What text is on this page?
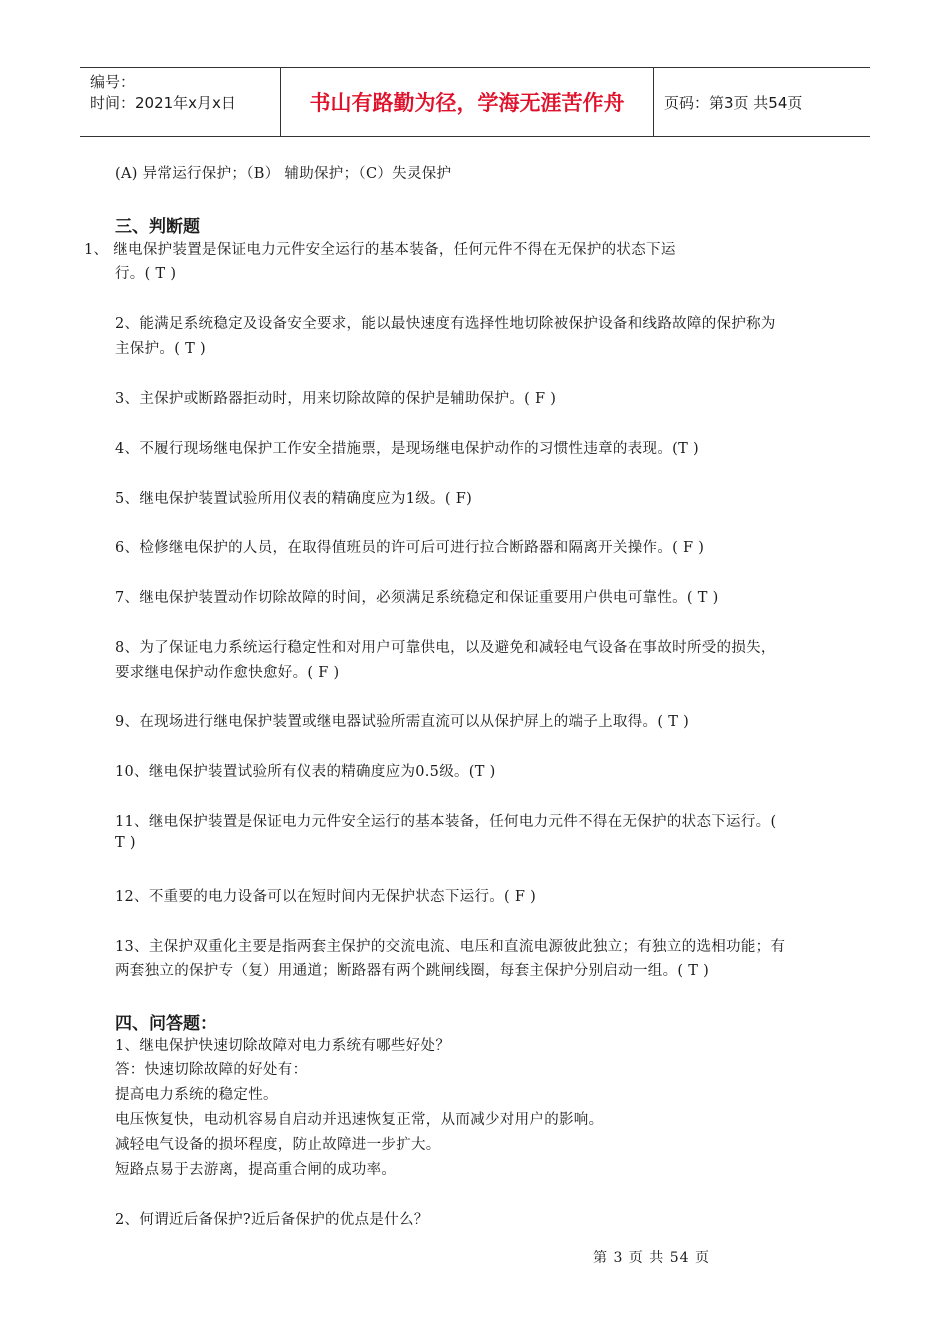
编号：
时间：2021年x月x日	书山有路勤为径，学海无涯苦作舟	页码：第3页 共54页
(A) 异常运行保护；（B） 辅助保护；（C）失灵保护
1、 继电保护装置是保证电力元件安全运行的基本装备，任何元件不得在无保护的状态下运
行。( T )
2、能满足系统稳定及设备安全要求，能以最快速度有选择性地切除被保护设备和线路故障的保护称为
主保护。( T )
3、主保护或断路器拒动时，用来切除故障的保护是辅助保护。( F )
4、不履行现场继电保护工作安全措施票，是现场继电保护动作的习惯性违章的表现。(T )
5、继电保护装置试验所用仪表的精确度应为1级。( F)
6、检修继电保护的人员，在取得值班员的许可后可进行拉合断路器和隔离开关操作。( F )
7、继电保护装置动作切除故障的时间，必须满足系统稳定和保证重要用户供电可靠性。( T )
8、为了保证电力系统运行稳定性和对用户可靠供电，以及避免和减轻电气设备在事故时所受的损失，
要求继电保护动作愈快愈好。( F )
9、在现场进行继电保护装置或继电器试验所需直流可以从保护屏上的端子上取得。( T )
10、继电保护装置试验所有仪表的精确度应为0.5级。(T )
11、继电保护装置是保证电力元件安全运行的基本装备，任何电力元件不得在无保护的状态下运行。(
T )
12、不重要的电力设备可以在短时间内无保护状态下运行。( F )
13、主保护双重化主要是指两套主保护的交流电流、电压和直流电源彼此独立；有独立的选相功能；有
两套独立的保护专（复）用通道；断路器有两个跳闸线圈，每套主保护分别启动一组。( T )
1、继电保护快速切除故障对电力系统有哪些好处？
答：快速切除故障的好处有：
提高电力系统的稳定性。
电压恢复快，电动机容易自启动并迅速恢复正常，从而减少对用户的影响。
减轻电气设备的损坏程度，防止故障进一步扩大。
短路点易于去游离，提高重合闸的成功率。
2、何谓近后备保护?近后备保护的优点是什么？
三、判断题
四、问答题：
第 3 页 共 54 页
